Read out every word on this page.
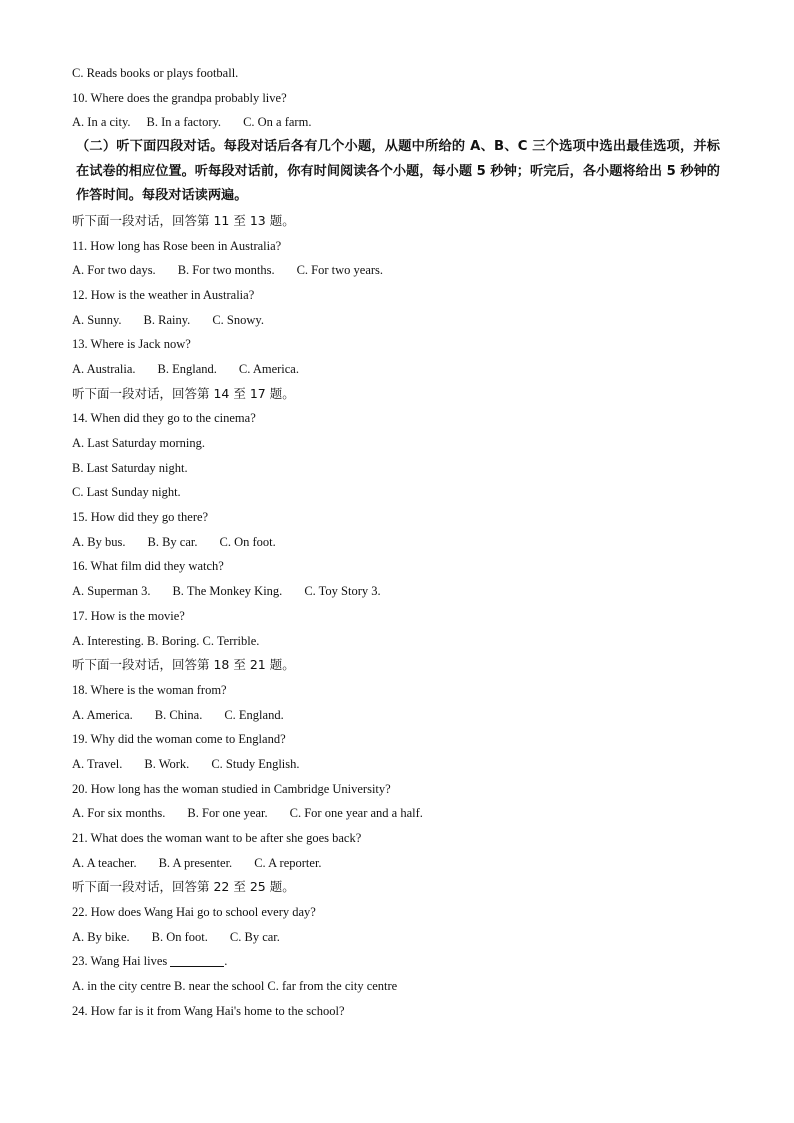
C. Reads books or plays football.
10. Where does the grandpa probably live?
A. In a city. B. In a factory. C. On a farm.
（二）听下面四段对话。每段对话后各有几个小题，从题中所给的 A、B、C 三个选项中选出最佳选项，并标在试卷的相应位置。听每段对话前，你有时间阅读各个小题，每小题 5 秒钟；听完后，各小题将给出 5 秒钟的作答时间。每段对话读两遍。
听下面一段对话，回答第 11 至 13 题。
11. How long has Rose been in Australia?
A. For two days. B. For two months. C. For two years.
12. How is the weather in Australia?
A. Sunny. B. Rainy. C. Snowy.
13. Where is Jack now?
A. Australia. B. England. C. America.
听下面一段对话，回答第 14 至 17 题。
14. When did they go to the cinema?
A. Last Saturday morning.
B. Last Saturday night.
C. Last Sunday night.
15. How did they go there?
A. By bus. B. By car. C. On foot.
16. What film did they watch?
A. Superman 3. B. The Monkey King. C. Toy Story 3.
17. How is the movie?
A. Interesting. B. Boring. C. Terrible.
听下面一段对话，回答第 18 至 21 题。
18. Where is the woman from?
A. America. B. China. C. England.
19. Why did the woman come to England?
A. Travel. B. Work. C. Study English.
20. How long has the woman studied in Cambridge University?
A. For six months. B. For one year. C. For one year and a half.
21. What does the woman want to be after she goes back?
A. A teacher. B. A presenter. C. A reporter.
听下面一段对话，回答第 22 至 25 题。
22. How does Wang Hai go to school every day?
A. By bike. B. On foot. C. By car.
23. Wang Hai lives	.
A. in the city centre B. near the school C. far from the city centre
24. How far is it from Wang Hai's home to the school?
